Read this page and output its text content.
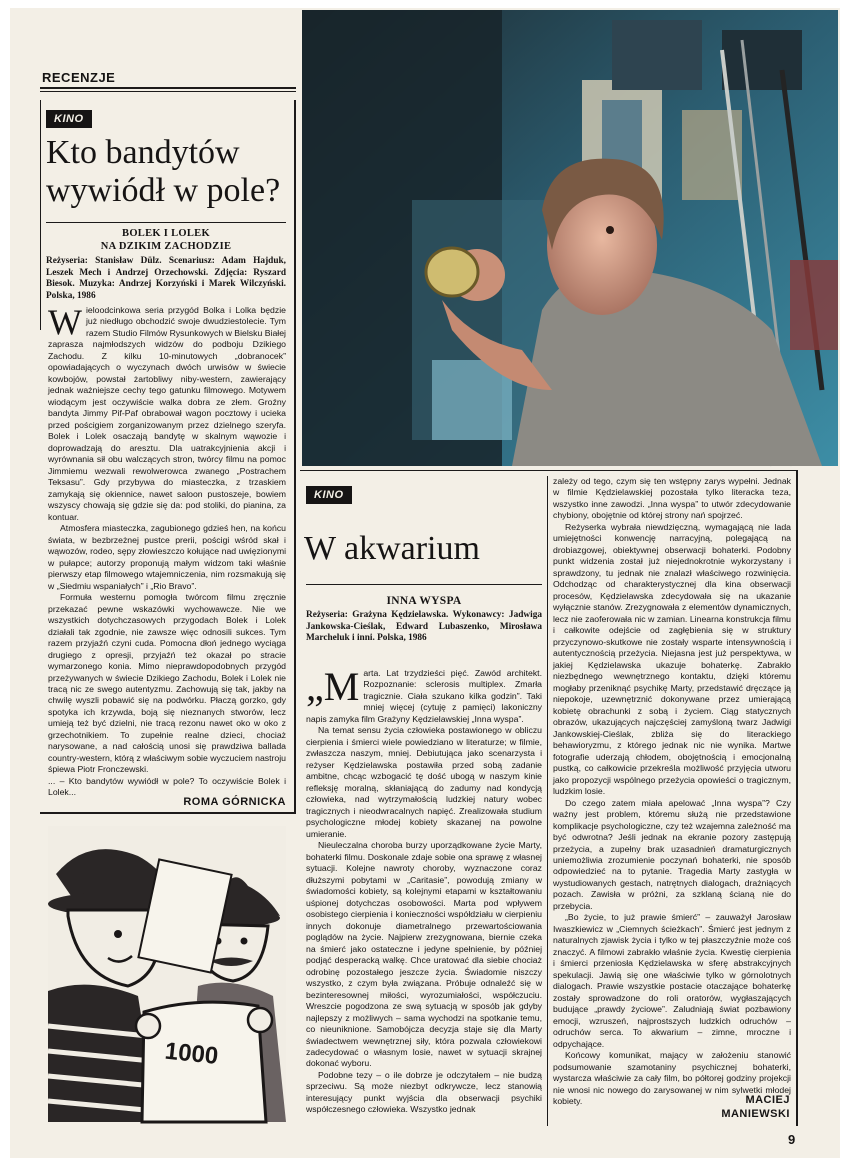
RECENZJE
KINO
Kto bandytów
wywiódł w pole?
BOLEK I LOLEK
NA DZIKIM ZACHODZIE
Reżyseria: Stanisław Dülz. Scenariusz: Adam Hajduk, Leszek Mech i Andrzej Orzechowski. Zdjęcia: Ryszard Biesok. Muzyka: Andrzej Korzyński i Marek Wilczyński. Polska, 1986

Wieloodcinkowa seria przygód Bolka i Lolka będzie już niedługo obchodzić swoje dwudziestolecie. Tym razem Studio Filmów Rysunkowych w Bielsku Białej zaprasza najmłodszych widzów do podboju Dzikiego Zachodu. Z kilku 10-minutowych „dobranocek” opowiadających o wyczynach dwóch urwisów w świecie kowbojów, powstał żartobliwy niby-western, zawierający jednak ważniejsze cechy tego gatunku filmowego. Motywem wiodącym jest oczywiście walka dobra ze złem. Groźny bandyta Jimmy Pif-Paf obrabował wagon pocztowy i ucieka przed pościgiem zorganizowanym przez dzielnego szeryfa. Bolek i Lolek osaczają bandytę w skalnym wąwozie i doprowadzają do aresztu. Dla uatrakcyjnienia akcji i wyrównania sił obu walczących stron, twórcy filmu na pomoc Jimmiemu wezwali rewolwerowca zwanego „Postrachem Teksasu”. Gdy przybywa do miasteczka, z trzaskiem zamykają się okiennice, nawet saloon pustoszeje, bowiem wszyscy chowają się gdzie się da: pod stoliki, do pianina, za kontuar.

Atmosfera miasteczka, zagubionego gdzieś hen, na końcu świata, w bezbrzeżnej pustce prerii, pościgi wśród skał i wąwozów, rodeo, sępy złowieszczo kołujące nad uwięzionymi w pułapce; autorzy proponują małym widzom taki właśnie pierwszy etap filmowego wtajemniczenia, nim rozsmakują się w „Siedmiu wspaniałych” i „Rio Bravo”.

Formuła westernu pomogła twórcom filmu zręcznie przekazać pewne wskazówki wychowawcze. Nie we wszystkich dotychczasowych przygodach Bolek i Lolek działali tak zgodnie, nie zawsze więc odnosili sukces. Tym razem przyjaźń czyni cuda. Pomocna dłoń jednego wyciąga drugiego z opresji, przyjaźń też okazał po stracie wymarzonego konia. Mimo nieprawdopodobnych przygód przeżywanych w świecie Dzikiego Zachodu, Bolek i Lolek nie tracą nic ze swego autentyzmu. Zachowują się tak, jakby na chwilę wyszli pobawić się na podwórku. Płaczą gorzko, gdy spotyka ich krzywda, boją się nieznanych stworów, lecz umieją też być dzielni, nie tracą rezonu nawet oko w oko z grzechotnikiem. To zupełnie realne dzieci, chociaż narysowane, a nad całością unosi się prawdziwa ballada country-western, którą z właściwym sobie wyczuciem nastroju śpiewa Piotr Fronczewski.

... – Kto bandytów wywiódł w pole? To oczywiście Bolek i Lolek...

ROMA GÓRNICKA
1000
KINO
W akwarium
INNA WYSPA
Reżyseria: Grażyna Kędzielawska. Wykonawcy: Jadwiga Jankowska-Cieślak, Edward Lubaszenko, Mirosława Marcheluk i inni. Polska, 1986

„Marta. Lat trzydzieści pięć. Zawód architekt. Rozpoznanie: sclerosis multiplex. Zmarła tragicznie. Ciała szukano kilka godzin”. Taki mniej więcej (cytuję z pamięci) lakoniczny napis zamyka film Grażyny Kędzielawskiej „Inna wyspa”.

Na temat sensu życia człowieka postawionego w obliczu cierpienia i śmierci wiele powiedziano w literaturze; w filmie, zwłaszcza naszym, mniej. Debiutująca jako scenarzysta i reżyser Kędzielawska postawiła przed sobą zadanie ambitne, chcąc wzbogacić tę dość ubogą w naszym kinie refleksję moralną, skłaniającą do zadumy nad kondycją człowieka, nad wytrzymałością ludzkiej natury wobec tragicznych i nieodwracalnych napięć. Zrealizowała studium psychologiczne młodej kobiety skazanej na powolne umieranie.

Nieuleczalna choroba burzy uporządkowane życie Marty, bohaterki filmu. Doskonale zdaje sobie ona sprawę z własnej sytuacji. Kolejne nawroty choroby, wyznaczone coraz dłuższymi pobytami w „Caritasie”, powodują zmiany w świadomości kobiety, są kolejnymi etapami w kształtowaniu uśpionej dotychczas osobowości. Marta pod wpływem osobistego cierpienia i konieczności współdziału w cierpieniu innych dokonuje diametralnego przewartościowania poglądów na życie. Najpierw zrezygnowana, biernie czeka na śmierć jako ostateczne i jedyne spełnienie, by później podjąć desperacką walkę. Chce uratować dla siebie chociaż odrobinę pozostałego jeszcze życia. Świadomie niszczy wszystko, z czym była związana. Próbuje odnaleźć się w bezinteresownej miłości, wyrozumiałości, współczuciu. Wreszcie pogodzona ze swą sytuacją w sposób jak gdyby najlepszy z możliwych – sama wychodzi na spotkanie temu, co nieuniknione. Samobójcza decyzja staje się dla Marty świadectwem wewnętrznej siły, która pozwala człowiekowi zadecydować o własnym losie, nawet w sytuacji skrajnej dokonać wyboru.

Podobne tezy – o ile dobrze je odczytałem – nie budzą sprzeciwu. Są może niezbyt odkrywcze, lecz stanowią interesujący punkt wyjścia dla obserwacji psychiki współczesnego człowieka. Wszystko jednak

zależy od tego, czym się ten wstępny zarys wypełni. Jednak w filmie Kędzielawskiej pozostała tylko literacka teza, wszystko inne zawodzi. „Inna wyspa” to utwór zdecydowanie chybiony, obojętnie od której strony nań spojrzeć.

Reżyserka wybrała niewdzięczną, wymagającą nie lada umiejętności konwencję narracyjną, polegającą na drobiazgowej, obiektywnej obserwacji bohaterki. Podobny punkt widzenia został już niejednokrotnie wykorzystany i sprawdzony, tu jednak nie znalazł właściwego rozwinięcia. Odchodząc od charakterystycznej dla kina obserwacji procesów, Kędzielawska zdecydowała się na ukazanie wyłącznie stanów. Zrezygnowała z elementów dynamicznych, lecz nie zaoferowała nic w zamian. Linearna konstrukcja filmu i całkowite odejście od zagłębienia się w struktury przyczynowo-skutkowe nie zostały wsparte intensywnością i autentycznością przeżycia. Niejasna jest już perspektywa, w jakiej Kędzielawska ukazuje bohaterkę. Zabrakło niezbędnego wewnętrznego kontaktu, dzięki któremu mogłaby przeniknąć psychikę Marty, przedstawić dręczące ją niepokoje, uzewnętrznić dokonywane przez umierającą kobietę obrachunki z sobą i życiem. Ciąg statycznych obrazów, ukazujących najczęściej zamyśloną twarz Jadwigi Jankowskiej-Cieślak, zbliża się do literackiego behawioryzmu, z którego jednak nic nie wynika. Martwe fotografie uderzają chłodem, obojętnością i emocjonalną pustką, co całkowicie przekreśla możliwość przyjęcia utworu jako propozycji wspólnego przeżycia opowieści o tragicznym, ludzkim losie.

Do czego zatem miała apelować „Inna wyspa”? Czy ważny jest problem, któremu służą nie przedstawione komplikacje psychologiczne, czy też wzajemna zależność ma być odwrotna? Jeśli jednak na ekranie pozory zastępują przeżycia, a zupełny brak uzasadnień dramaturgicznych uniemożliwia zrozumienie poczynań bohaterki, nie sposób odpowiedzieć na to pytanie. Tragedia Marty zastygła w wystudiowanych gestach, natrętnych dialogach, drażniących pozach. Zawisła w próżni, za szklaną ścianą nie do przebycia.

„Bo życie, to już prawie śmierć” – zauważył Jarosław Iwaszkiewicz w „Ciemnych ścieżkach”. Śmierć jest jednym z naturalnych zjawisk życia i tylko w tej płaszczyźnie może coś znaczyć. A filmowi zabrakło właśnie życia. Kwestię cierpienia i śmierci przeniosła Kędzielawska w sferę abstrakcyjnych spekulacji. Jawią się one właściwie tylko w górnolotnych dialogach. Prawie wszystkie postacie otaczające bohaterkę zostały sprowadzone do roli oratorów, wygłaszających budujące „prawdy życiowe”. Zaludniają świat pozbawiony emocji, wzruszeń, najprostszych ludzkich odruchów – odruchów serca. To akwarium – zimne, mroczne i odpychające.

Końcowy komunikat, mający w założeniu stanowić podsumowanie szamotaniny psychicznej bohaterki, wystarcza właściwie za cały film, bo półtorej godziny projekcji nie wnosi nic nowego do zarysowanej w nim sylwetki młodej kobiety.	MACIEJ
MANIEWSKI
9
